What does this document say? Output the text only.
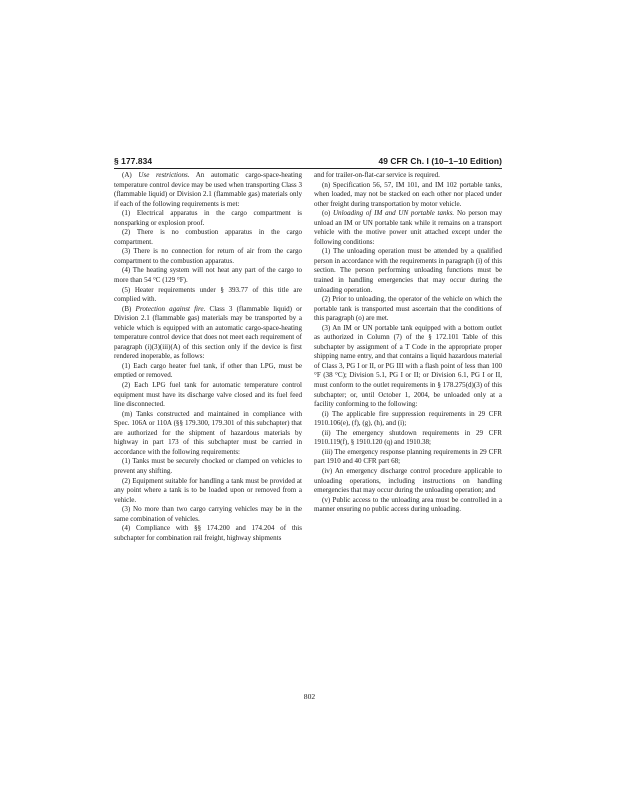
§ 177.834	49 CFR Ch. I (10–1–10 Edition)

(A) Use restrictions. An automatic cargo-space-heating temperature control device may be used when transporting Class 3 (flammable liquid) or Division 2.1 (flammable gas) materials only if each of the following requirements is met:

(1) Electrical apparatus in the cargo compartment is nonsparking or explosion proof.

(2) There is no combustion apparatus in the cargo compartment.

(3) There is no connection for return of air from the cargo compartment to the combustion apparatus.

(4) The heating system will not heat any part of the cargo to more than 54 °C (129 °F).

(5) Heater requirements under § 393.77 of this title are complied with.

(B) Protection against fire. Class 3 (flammable liquid) or Division 2.1 (flammable gas) materials may be transported by a vehicle which is equipped with an automatic cargo-space-heating temperature control device that does not meet each requirement of paragraph (i)(3)(iii)(A) of this section only if the device is first rendered inoperable, as follows:

(1) Each cargo heater fuel tank, if other than LPG, must be emptied or removed.

(2) Each LPG fuel tank for automatic temperature control equipment must have its discharge valve closed and its fuel feed line disconnected.

(m) Tanks constructed and maintained in compliance with Spec. 106A or 110A (§§ 179.300, 179.301 of this subchapter) that are authorized for the shipment of hazardous materials by highway in part 173 of this subchapter must be carried in accordance with the following requirements:

(1) Tanks must be securely chocked or clamped on vehicles to prevent any shifting.

(2) Equipment suitable for handling a tank must be provided at any point where a tank is to be loaded upon or removed from a vehicle.

(3) No more than two cargo carrying vehicles may be in the same combination of vehicles.

(4) Compliance with §§ 174.200 and 174.204 of this subchapter for combination rail freight, highway shipments

and for trailer-on-flat-car service is required.

(n) Specification 56, 57, IM 101, and IM 102 portable tanks, when loaded, may not be stacked on each other nor placed under other freight during transportation by motor vehicle.

(o) Unloading of IM and UN portable tanks. No person may unload an IM or UN portable tank while it remains on a transport vehicle with the motive power unit attached except under the following conditions:

(1) The unloading operation must be attended by a qualified person in accordance with the requirements in paragraph (i) of this section. The person performing unloading functions must be trained in handling emergencies that may occur during the unloading operation.

(2) Prior to unloading, the operator of the vehicle on which the portable tank is transported must ascertain that the conditions of this paragraph (o) are met.

(3) An IM or UN portable tank equipped with a bottom outlet as authorized in Column (7) of the § 172.101 Table of this subchapter by assignment of a T Code in the appropriate proper shipping name entry, and that contains a liquid hazardous material of Class 3, PG I or II, or PG III with a flash point of less than 100 °F (38 °C); Division 5.1, PG I or II; or Division 6.1, PG I or II, must conform to the outlet requirements in § 178.275(d)(3) of this subchapter; or, until October 1, 2004, be unloaded only at a facility conforming to the following:

(i) The applicable fire suppression requirements in 29 CFR 1910.106(e), (f), (g), (h), and (i);

(ii) The emergency shutdown requirements in 29 CFR 1910.119(f), § 1910.120 (q) and 1910.38;

(iii) The emergency response planning requirements in 29 CFR part 1910 and 40 CFR part 68;

(iv) An emergency discharge control procedure applicable to unloading operations, including instructions on handling emergencies that may occur during the unloading operation; and

(v) Public access to the unloading area must be controlled in a manner ensuring no public access during unloading.

802
